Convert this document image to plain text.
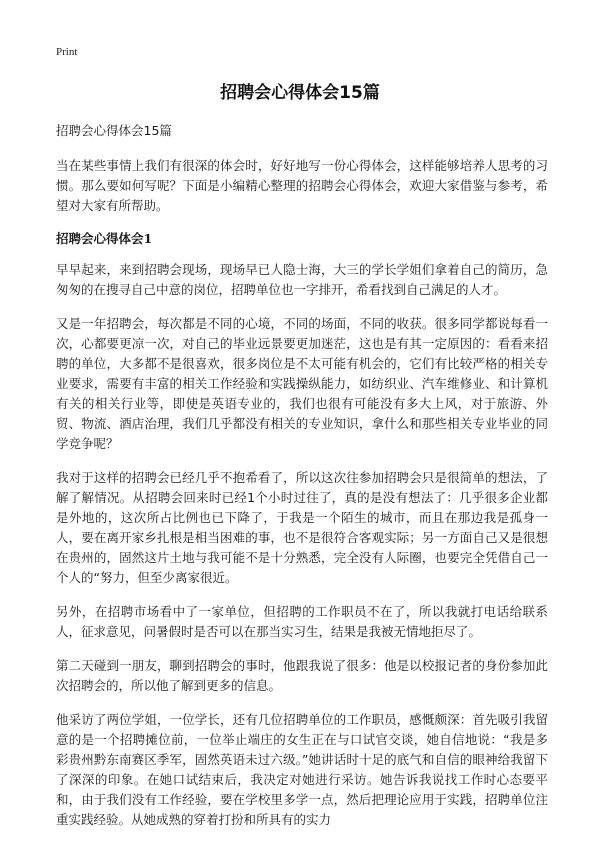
Print
招聘会心得体会15篇
招聘会心得体会15篇
当在某些事情上我们有很深的体会时，好好地写一份心得体会，这样能够培养人思考的习惯。那么要如何写呢？下面是小编精心整理的招聘会心得体会，欢迎大家借鉴与参考，希望对大家有所帮助。
招聘会心得体会1
早早起来，来到招聘会现场，现场早已人隐士海，大三的学长学姐们拿着自己的简历，急匆匆的在搜寻自己中意的岗位，招聘单位也一字排开，希看找到自己满足的人才。
又是一年招聘会，每次都是不同的心境，不同的场面，不同的收获。很多同学都说每看一次，心都要更凉一次，对自己的毕业远景要更加迷茫，这也是有其一定原因的：看看来招聘的单位，大多都不是很喜欢，很多岗位是不太可能有机会的，它们有比较严格的相关专业要求，需要有丰富的相关工作经验和实践操纵能力，如纺织业、汽车维修业、和计算机有关的相关行业等，即使是英语专业的，我们也很有可能没有多大上风，对于旅游、外贸、物流、酒店治理，我们几乎都没有相关的专业知识，拿什么和那些相关专业毕业的同学竞争呢？
我对于这样的招聘会已经几乎不抱希看了，所以这次往参加招聘会只是很简单的想法，了解了解情况。从招聘会回来时已经1个小时过往了，真的是没有想法了：几乎很多企业都是外地的，这次所占比例也已下降了，于我是一个陌生的城市，而且在那边我是孤身一人，要在离开家乡扎根是相当困难的事，也不是很符合客观实际；另一方面自己又是很想在贵州的，固然这片土地与我可能不是十分熟悉，完全没有人际圈，也要完全凭借自己一个人的“努力，但至少离家很近。
另外，在招聘市场看中了一家单位，但招聘的工作职员不在了，所以我就打电话给联系人，征求意见，问暑假时是否可以在那当实习生，结果是我被无情地拒尽了。
第二天碰到一朋友，聊到招聘会的事时，他跟我说了很多：他是以校报记者的身份参加此次招聘会的，所以他了解到更多的信息。
他采访了两位学姐，一位学长，还有几位招聘单位的工作职员，感慨颇深：首先吸引我留意的是一个招聘摊位前，一位举止端庄的女生正在与口试官交谈，她自信地说：“我是多彩贵州黔东南赛区季军，固然英语未过六级。”她讲话时十足的底气和自信的眼神给我留下了深深的印象。在她口试结束后，我决定对她进行采访。她告诉我说找工作时心态要平和，由于我们没有工作经验，要在学校里多学一点，然后把理论应用于实践，招聘单位注重实践经验。从她成熟的穿着打扮和所具有的实力
